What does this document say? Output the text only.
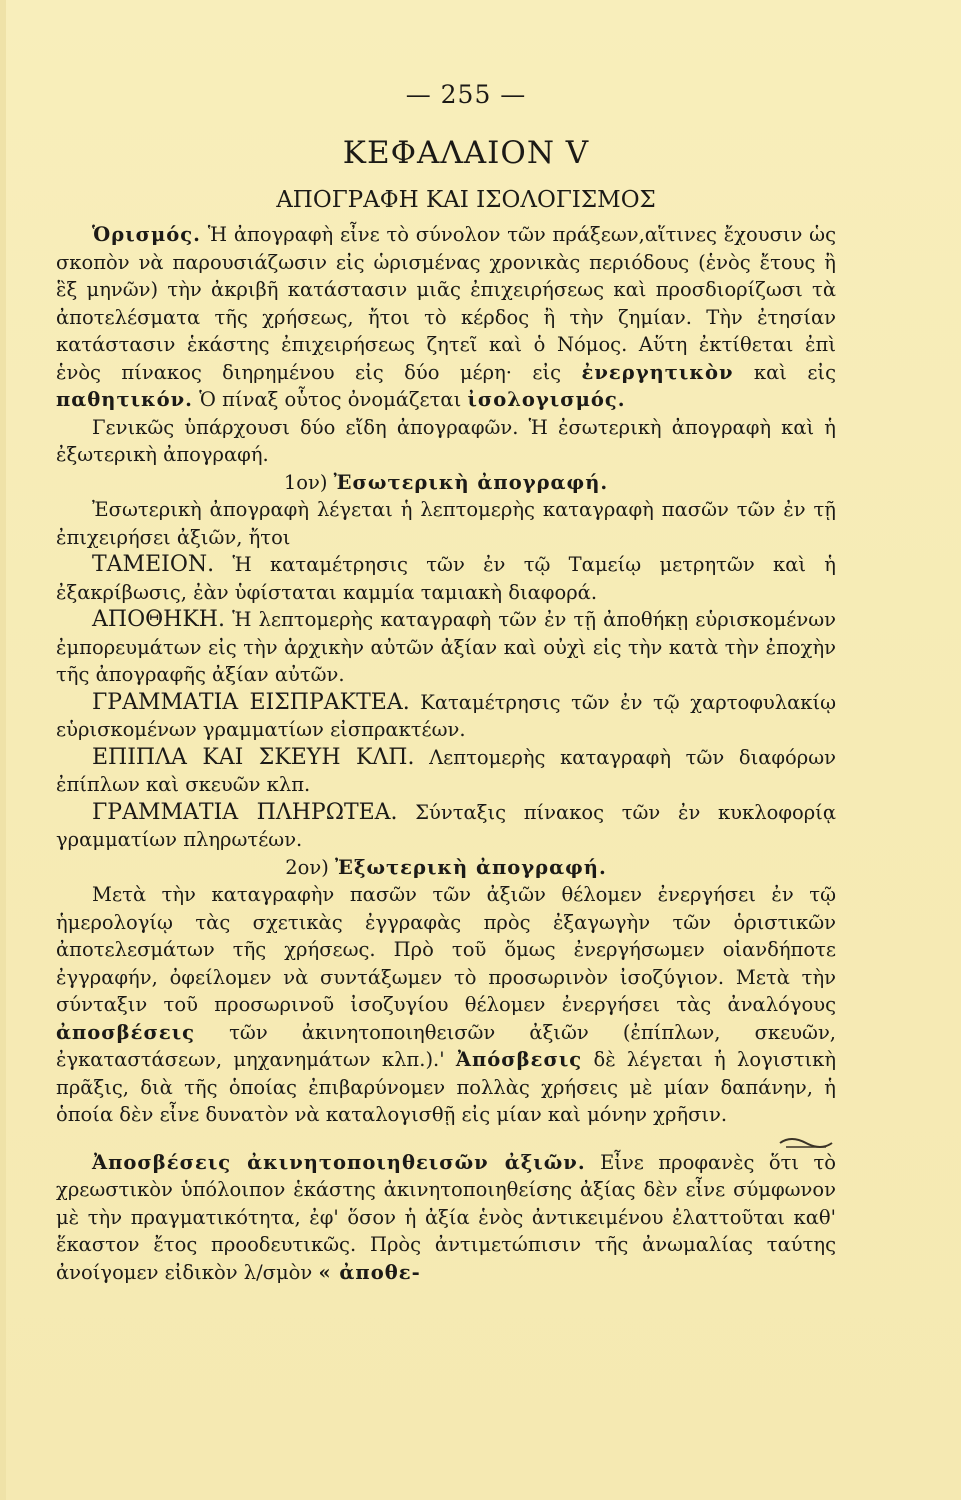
— 255 —
ΚΕΦΑΛΑΙΟΝ V
ΑΠΟΓΡΑΦΗ ΚΑΙ ΙΣΟΛΟΓΙΣΜΟΣ

Ὁρισμός. Ἡ ἀπογραφὴ εἶνε τὸ σύνολον τῶν πράξεων,αἵτινες ἔχουσιν ὡς σκοπὸν νὰ παρουσιάζωσιν εἰς ὡρισμένας χρονικὰς περιόδους (ἑνὸς ἔτους ἢ ἓξ μηνῶν) τὴν ἀκριβῆ κατάστασιν μιᾶς ἐπιχειρήσεως καὶ προσδιορίζωσι τὰ ἀποτελέσματα τῆς χρήσεως, ἤτοι τὸ κέρδος ἢ τὴν ζημίαν. Τὴν ἐτησίαν κατάστασιν ἑκάστης ἐπιχειρήσεως ζητεῖ καὶ ὁ Νόμος. Αὕτη ἐκτίθεται ἐπὶ ἑνὸς πίνακος διηρημένου εἰς δύο μέρη· εἰς ἐνεργητικὸν καὶ εἰς παθητικόν. Ὁ πίναξ οὗτος ὀνομάζεται ἰσολογισμός.

Γενικῶς ὑπάρχουσι δύο εἴδη ἀπογραφῶν. Ἡ ἐσωτερικὴ ἀπογραφὴ καὶ ἡ ἐξωτερικὴ ἀπογραφή.

1ον) Ἐσωτερικὴ ἀπογραφή.

Ἐσωτερικὴ ἀπογραφὴ λέγεται ἡ λεπτομερὴς καταγραφὴ πασῶν τῶν ἐν τῇ ἐπιχειρήσει ἀξιῶν, ἤτοι

ΤΑΜΕΙΟΝ. Ἡ καταμέτρησις τῶν ἐν τῷ Ταμείῳ μετρητῶν καὶ ἡ ἐξακρίβωσις, ἐὰν ὑφίσταται καμμία ταμιακὴ διαφορά.

ΑΠΟΘΗΚΗ. Ἡ λεπτομερὴς καταγραφὴ τῶν ἐν τῇ ἀποθήκῃ εὑρισκομένων ἐμπορευμάτων εἰς τὴν ἀρχικὴν αὐτῶν ἀξίαν καὶ οὐχὶ εἰς τὴν κατὰ τὴν ἐποχὴν τῆς ἀπογραφῆς ἀξίαν αὐτῶν.

ΓΡΑΜΜΑΤΙΑ ΕΙΣΠΡΑΚΤΕΑ. Καταμέτρησις τῶν ἐν τῷ χαρτοφυλακίῳ εὑρισκομένων γραμματίων εἰσπρακτέων.

ΕΠΙΠΛΑ ΚΑΙ ΣΚΕΥΗ ΚΛΠ. Λεπτομερὴς καταγραφὴ τῶν διαφόρων ἐπίπλων καὶ σκευῶν κλπ.

ΓΡΑΜΜΑΤΙΑ ΠΛΗΡΩΤΕΑ. Σύνταξις πίνακος τῶν ἐν κυκλοφορίᾳ γραμματίων πληρωτέων.

2ον) Ἐξωτερικὴ ἀπογραφή.

Μετὰ τὴν καταγραφὴν πασῶν τῶν ἀξιῶν θέλομεν ἐνεργήσει ἐν τῷ ἡμερολογίῳ τὰς σχετικὰς ἐγγραφὰς πρὸς ἐξαγωγὴν τῶν ὁριστικῶν ἀποτελεσμάτων τῆς χρήσεως. Πρὸ τοῦ ὅμως ἐνεργήσωμεν οἱανδήποτε ἐγγραφήν, ὀφείλομεν νὰ συντάξωμεν τὸ προσωρινὸν ἰσοζύγιον. Μετὰ τὴν σύνταξιν τοῦ προσωρινοῦ ἰσοζυγίου θέλομεν ἐνεργήσει τὰς ἀναλόγους ἀποσβέσεις τῶν ἀκινητοποιηθεισῶν ἀξιῶν (ἐπίπλων, σκευῶν, ἐγκαταστάσεων, μηχανημάτων κλπ.).' Ἀπόσβεσις δὲ λέγεται ἡ λογιστικὴ πρᾶξις, διὰ τῆς ὁποίας ἐπιβαρύνομεν πολλὰς χρήσεις μὲ μίαν δαπάνην, ἡ ὁποία δὲν εἶνε δυνατὸν νὰ καταλογισθῇ εἰς μίαν καὶ μόνην χρῆσιν.

Ἀποσβέσεις ἀκινητοποιηθεισῶν ἀξιῶν. Εἶνε προφανὲς ὅτι τὸ χρεωστικὸν ὑπόλοιπον ἑκάστης ἀκινητοποιηθείσης ἀξίας δὲν εἶνε σύμφωνον μὲ τὴν πραγματικότητα, ἐφ' ὅσον ἡ ἀξία ἑνὸς ἀντικειμένου ἐλαττοῦται καθ' ἕκαστον ἔτος προοδευτικῶς. Πρὸς ἀντιμετώπισιν τῆς ἀνωμαλίας ταύτης ἀνοίγομεν εἰδικὸν λ/σμὸν « ἀποθε-
